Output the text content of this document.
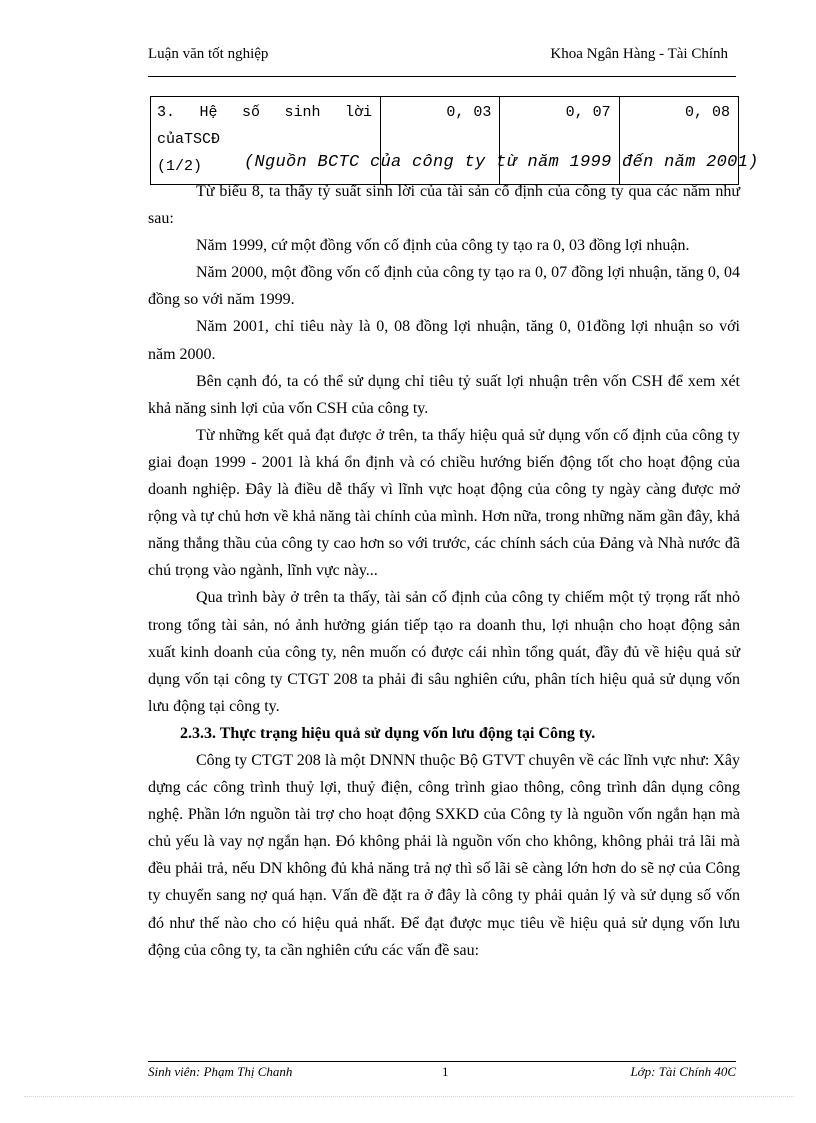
Luận văn tốt nghiệp	Khoa Ngân Hàng - Tài Chính
3. Hệ số sinh lời củaTSCĐ
(1/2)	0, 03	0, 07	0, 08
(Nguồn BCTC của công ty từ năm 1999 đến năm 2001)

Từ biểu 8, ta thấy tỷ suất sinh lời của tài sản cố định của công ty qua các năm như sau:

Năm 1999, cứ một đồng vốn cố định của công ty tạo ra 0, 03 đồng lợi nhuận.

Năm 2000, một đồng vốn cố định của công ty tạo ra 0, 07 đồng lợi nhuận, tăng 0, 04 đồng so với năm 1999.

Năm 2001, chỉ tiêu này là 0, 08 đồng lợi nhuận, tăng 0, 01đồng lợi nhuận so với năm 2000.

Bên cạnh đó, ta có thể sử dụng chỉ tiêu tỷ suất lợi nhuận trên vốn CSH để xem xét khả năng sinh lợi của vốn CSH của công ty.

Từ những kết quả đạt được ở trên, ta thấy hiệu quả sử dụng vốn cố định của công ty giai đoạn 1999 - 2001 là khá ổn định và có chiều hướng biến động tốt cho hoạt động của doanh nghiệp. Đây là điều dễ thấy vì lĩnh vực hoạt động của công ty ngày càng được mở rộng và tự chủ hơn về khả năng tài chính của mình. Hơn nữa, trong những năm gần đây, khả năng thắng thầu của công ty cao hơn so với trước, các chính sách của Đảng và Nhà nước đã chú trọng vào ngành, lĩnh vực này...

Qua trình bày ở trên ta thấy, tài sản cố định của công ty chiếm một tỷ trọng rất nhỏ trong tổng tài sản, nó ảnh hưởng gián tiếp tạo ra doanh thu, lợi nhuận cho hoạt động sản xuất kinh doanh của công ty, nên muốn có được cái nhìn tổng quát, đầy đủ về hiệu quả sử dụng vốn tại công ty CTGT 208 ta phải đi sâu nghiên cứu, phân tích hiệu quả sử dụng vốn lưu động tại công ty.

2.3.3. Thực trạng hiệu quả sử dụng vốn lưu động tại Công ty.

Công ty CTGT 208 là một DNNN thuộc Bộ GTVT chuyên về các lĩnh vực như: Xây dựng các công trình thuỷ lợi, thuỷ điện, công trình giao thông, công trình dân dụng công nghệ. Phần lớn nguồn tài trợ cho hoạt động SXKD của Công ty là nguồn vốn ngắn hạn mà chủ yếu là vay nợ ngắn hạn. Đó không phải là nguồn vốn cho không, không phải trả lãi mà đều phải trả, nếu DN không đủ khả năng trả nợ thì số lãi sẽ càng lớn hơn do sẽ nợ của Công ty chuyển sang nợ quá hạn. Vấn đề đặt ra ở đây là công ty phải quản lý và sử dụng số vốn đó như thế nào cho có hiệu quả nhất. Để đạt được mục tiêu về hiệu quả sử dụng vốn lưu động của công ty, ta cần nghiên cứu các vấn đề sau:

Sinh viên: Phạm Thị Chanh	1	Lớp: Tài Chính 40C
